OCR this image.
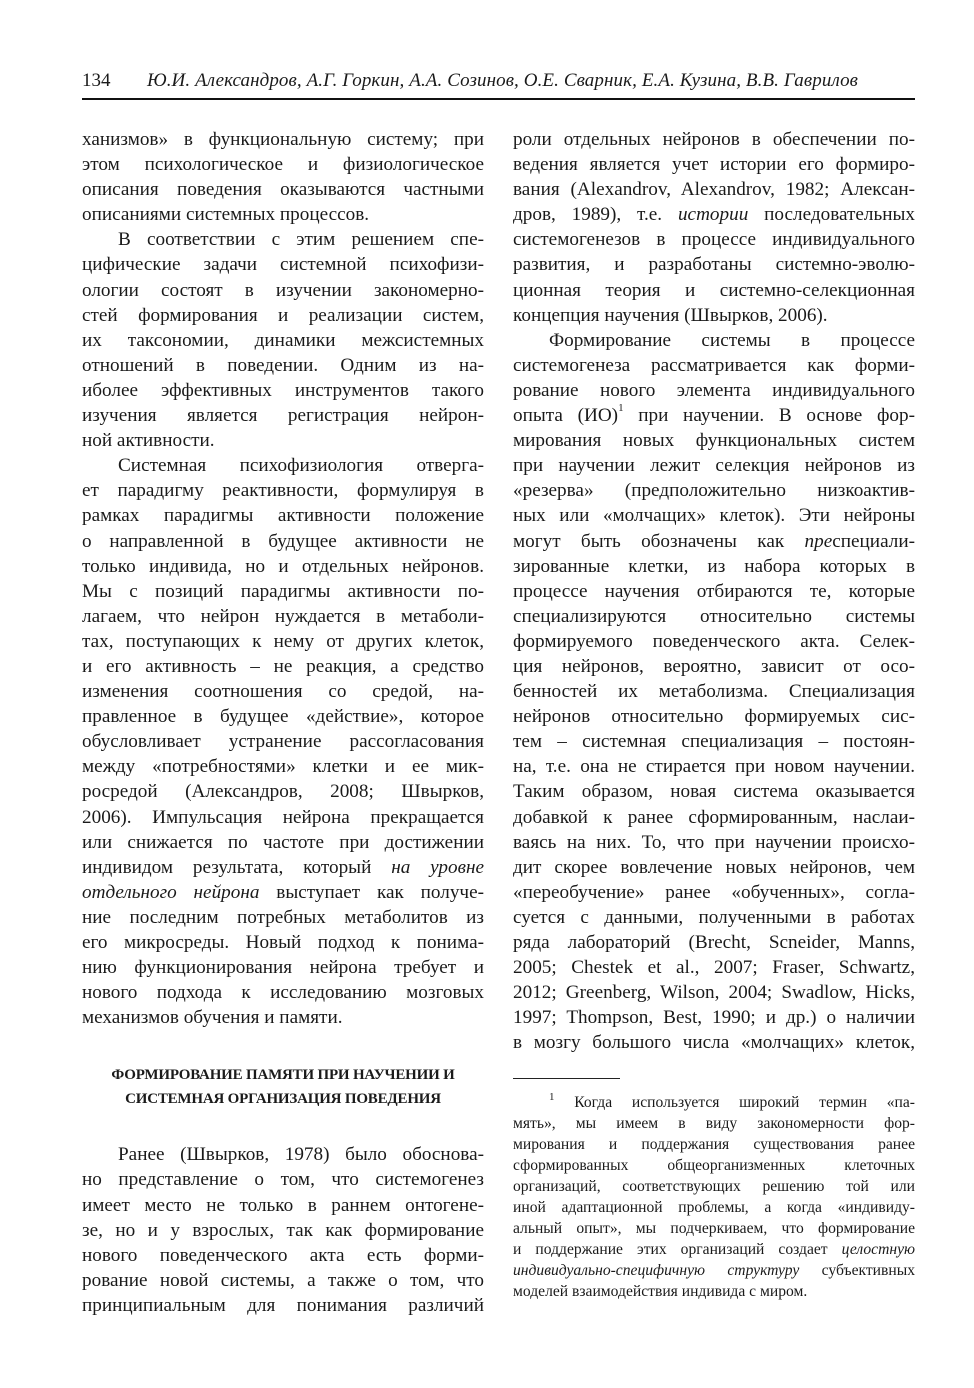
134 Ю.И. Александров, А.Г. Горкин, А.А. Созинов, О.Е. Сварник, Е.А. Кузина, В.В. Гаврилов
ханизмов» в функциональную систему; при
этом психологическое и физиологическое
описания поведения оказываются частными
описаниями системных процессов.
В соответствии с этим решением спе-
цифические задачи системной психофизи-
ологии состоят в изучении закономерно-
стей формирования и реализации систем,
их таксономии, динамики межсистемных
отношений в поведении. Одним из на-
иболее эффективных инструментов такого
изучения является регистрация нейрон-
ной активности.
Системная психофизиология отверга-
ет парадигму реактивности, формулируя в
рамках парадигмы активности положение
о направленной в будущее активности не
только индивида, но и отдельных нейронов.
Мы с позиций парадигмы активности по-
лагаем, что нейрон нуждается в метаболи-
тах, поступающих к нему от других клеток,
и его активность – не реакция, а средство
изменения соотношения со средой, на-
правленное в будущее «действие», которое
обусловливает устранение рассогласования
между «потребностями» клетки и ее мик-
росредой (Александров, 2008; Швырков,
2006). Импульсация нейрона прекращается
или снижается по частоте при достижении
индивидом результата, который на уровне
отдельного нейрона выступает как получе-
ние последним потребных метаболитов из
его микросреды. Новый подход к понима-
нию функционирования нейрона требует и
нового подхода к исследованию мозговых
механизмов обучения и памяти.
ФОРМИРОВАНИЕ ПАМЯТИ ПРИ НАУЧЕНИИ И
СИСТЕМНАЯ ОРГАНИЗАЦИЯ ПОВЕДЕНИЯ
Ранее (Швырков, 1978) было обоснова-
но представление о том, что системогенез
имеет место не только в раннем онтогене-
зе, но и у взрослых, так как формирование
нового поведенческого акта есть форми-
рование новой системы, а также о том, что
принципиальным для понимания различий
роли отдельных нейронов в обеспечении по-
ведения является учет истории его формиро-
вания (Alexandrov, Alexandrov, 1982; Алексан-
дров, 1989), т.е. истории последовательных
системогенезов в процессе индивидуального
развития, и разработаны системно-эволю-
ционная теория и системно-селекционная
концепция научения (Швырков, 2006).
Формирование системы в процессе
системогенеза рассматривается как форми-
рование нового элемента индивидуального
опыта (ИО)$^1$ при научении. В основе фор-
мирования новых функциональных систем
при научении лежит селекция нейронов из
«резерва» (предположительно низкоактив-
ных или «молчащих» клеток). Эти нейроны
могут быть обозначены как преспециали-
зированные клетки, из набора которых в
процессе научения отбираются те, которые
специализируются относительно системы
формируемого поведенческого акта. Селек-
ция нейронов, вероятно, зависит от осо-
бенностей их метаболизма. Специализация
нейронов относительно формируемых сис-
тем – системная специализация – постоян-
на, т.е. она не стирается при новом научении.
Таким образом, новая система оказывается
добавкой к ранее сформированным, наслаи-
ваясь на них. То, что при научении происхо-
дит скорее вовлечение новых нейронов, чем
«переобучение» ранее «обученных», согла-
суется с данными, полученными в работах
ряда лабораторий (Brecht, Scneider, Manns,
2005; Chestek et al., 2007; Fraser, Schwartz,
2012; Greenberg, Wilson, 2004; Swadlow, Hicks,
1997; Thompson, Best, 1990; и др.) о наличии
в мозгу большого числа «молчащих» клеток,
$^1$ Когда используется широкий термин «па-
мять», мы имеем в виду закономерности фор-
мирования и поддержания существования ранее
сформированных общеорганизменных клеточных
организаций, соответствующих решению той или
иной адаптационной проблемы, а когда «индивиду-
альный опыт», мы подчеркиваем, что формирование
и поддержание этих организаций создает целостную
индивидуально-специфичную структуру субъективных
моделей взаимодействия индивида с миром.
